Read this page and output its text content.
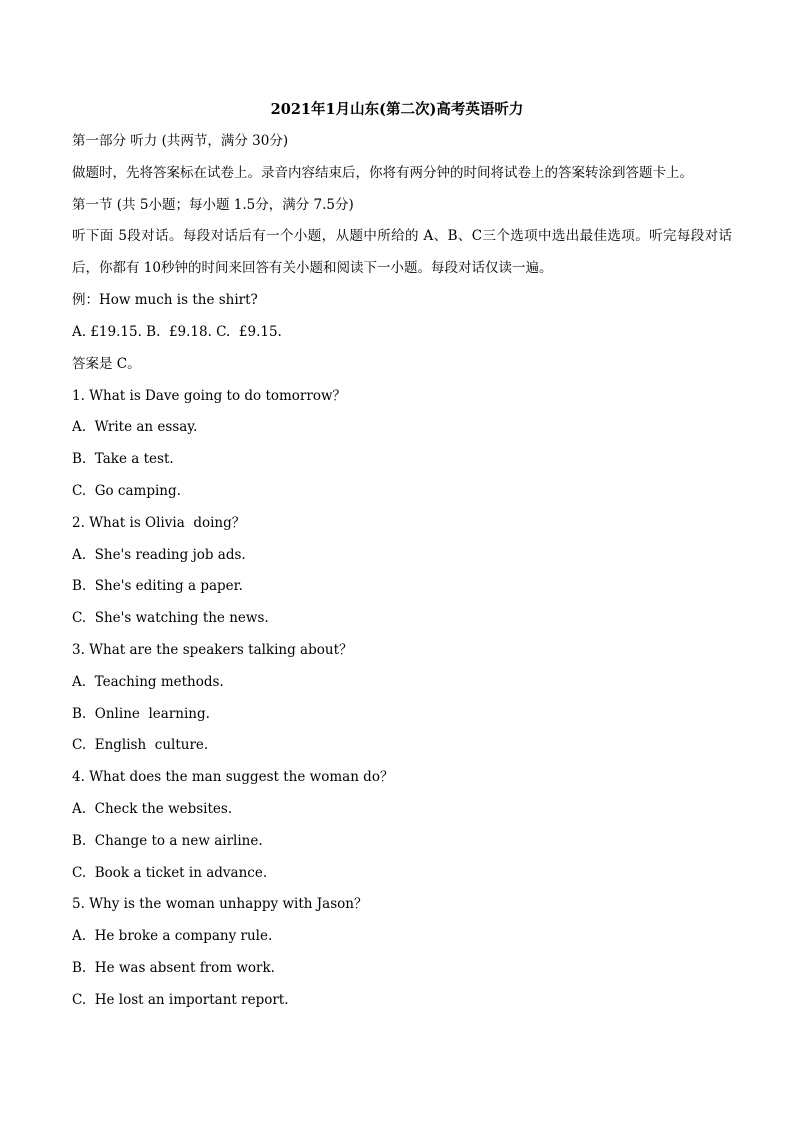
2021年1月山东(第二次)高考英语听力
第一部分 听力 (共两节，满分 30分)
做题时，先将答案标在试卷上。录音内容结束后，你将有两分钟的时间将试卷上的答案转涂到答题卡上。
第一节 (共 5小题；每小题 1.5分，满分 7.5分)
听下面 5段对话。每段对话后有一个小题，从题中所给的 A、B、C三个选项中选出最佳选项。听完每段对话后，你都有 10秒钟的时间来回答有关小题和阅读下一小题。每段对话仅读一遍。
例：How much is the shirt?
A. £19.15. B.  £9.18. C.  £9.15.
答案是 C。
1. What is Dave going to do tomorrow？
A.  Write an essay.
B.  Take a test.
C.  Go camping.
2. What is Olivia  doing？
A.  She's reading job ads.
B.  She's editing a paper.
C.  She's watching the news.
3. What are the speakers talking about？
A.  Teaching methods.
B.  Online  learning.
C.  English  culture.
4. What does the man suggest the woman do？
A.  Check the websites.
B.  Change to a new airline.
C.  Book a ticket in advance.
5. Why is the woman unhappy with Jason？
A.  He broke a company rule.
B.  He was absent from work.
C.  He lost an important report.
